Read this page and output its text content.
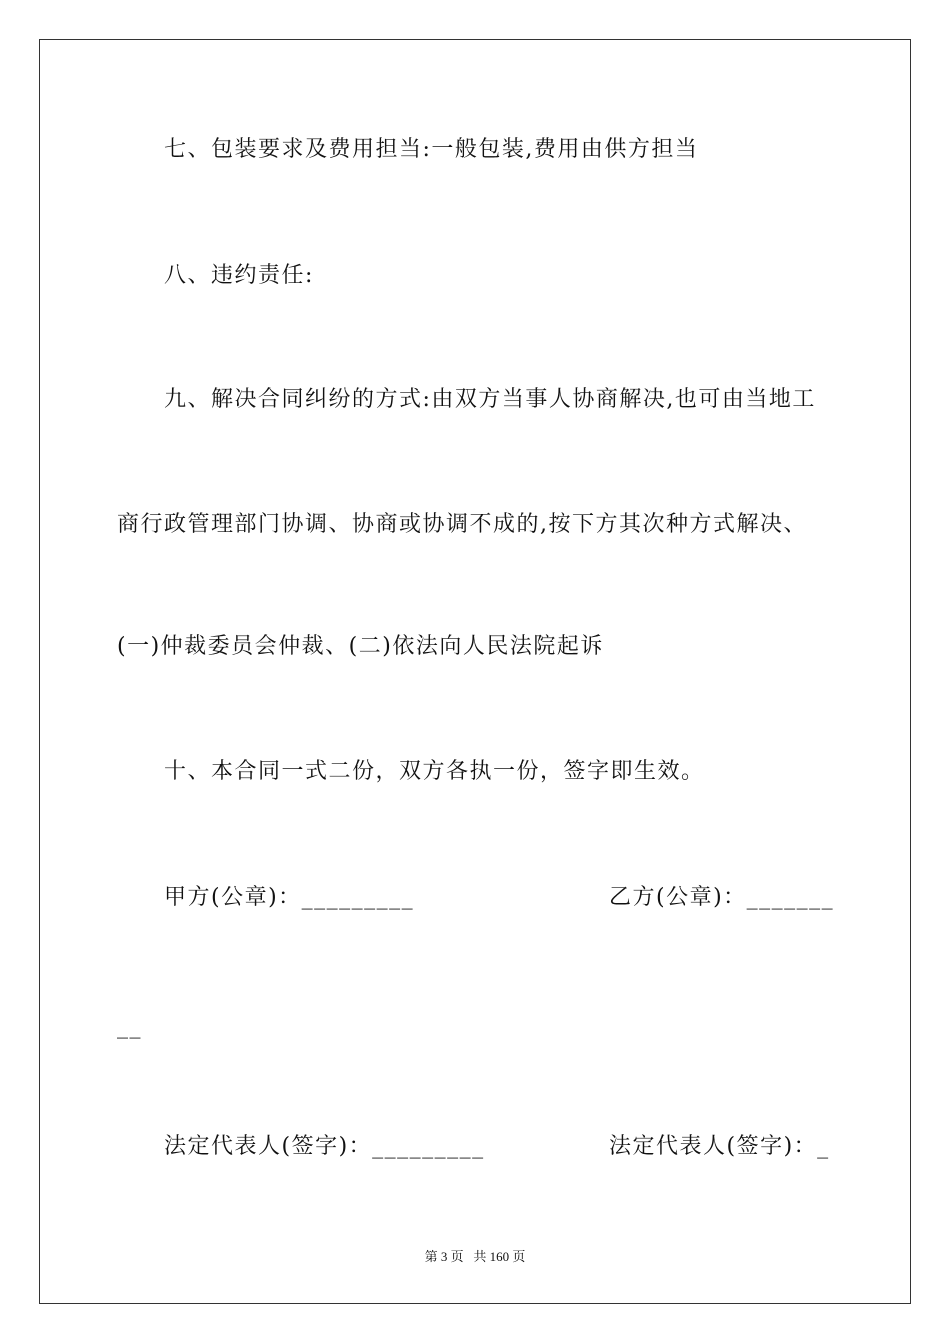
七、包装要求及费用担当:一般包装,费用由供方担当
八、违约责任:
九、解决合同纠纷的方式:由双方当事人协商解决,也可由当地工
商行政管理部门协调、协商或协调不成的,按下方其次种方式解决、
(一)仲裁委员会仲裁、(二)依法向人民法院起诉
十、本合同一式二份，双方各执一份，签字即生效。
甲方(公章)：_________	乙方(公章)：_______
__
法定代表人(签字)：_________	法定代表人(签字)：_
第 3 页   共 160 页
